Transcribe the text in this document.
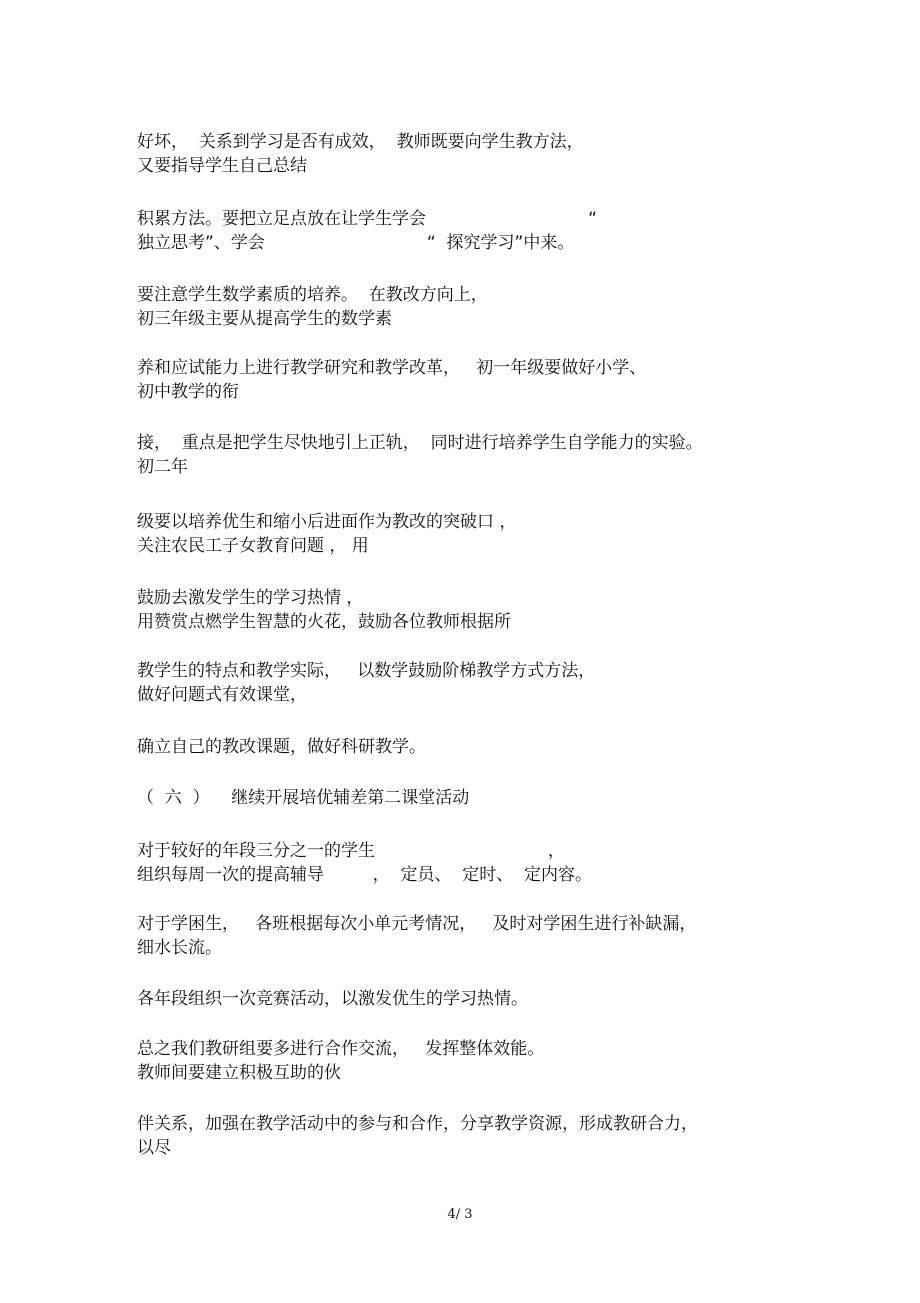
好坏，  关系到学习是否有成效，  教师既要向学生教方法，
又要指导学生自己总结
积累方法。要把立足点放在让学生学会                              “
独立思考”、学会                              “  探究学习”中来。
要注意学生数学素质的培养。  在教改方向上，
初三年级主要从提高学生的数学素
养和应试能力上进行教学研究和教学改革，   初一年级要做好小学、
初中教学的衔
接，  重点是把学生尽快地引上正轨，  同时进行培养学生自学能力的实验。
初二年
级要以培养优生和缩小后进面作为教改的突破口 ，
关注农民工子女教育问题 ， 用
鼓励去激发学生的学习热情 ，
用赞赏点燃学生智慧的火花，鼓励各位教师根据所
教学生的特点和教学实际，   以数学鼓励阶梯教学方式方法，
做好问题式有效课堂，
确立自己的教改课题，做好科研教学。
（  六  ）    继续开展培优辅差第二课堂活动
对于较好的年段三分之一的学生                                ，
组织每周一次的提高辅导         ，  定员、  定时、  定内容。
对于学困生，   各班根据每次小单元考情况，   及时对学困生进行补缺漏，
细水长流。
各年段组织一次竞赛活动，以激发优生的学习热情。
总之我们教研组要多进行合作交流，   发挥整体效能。
教师间要建立积极互助的伙
伴关系，加强在教学活动中的参与和合作，分享教学资源，形成教研合力，
以尽
4/ 3
